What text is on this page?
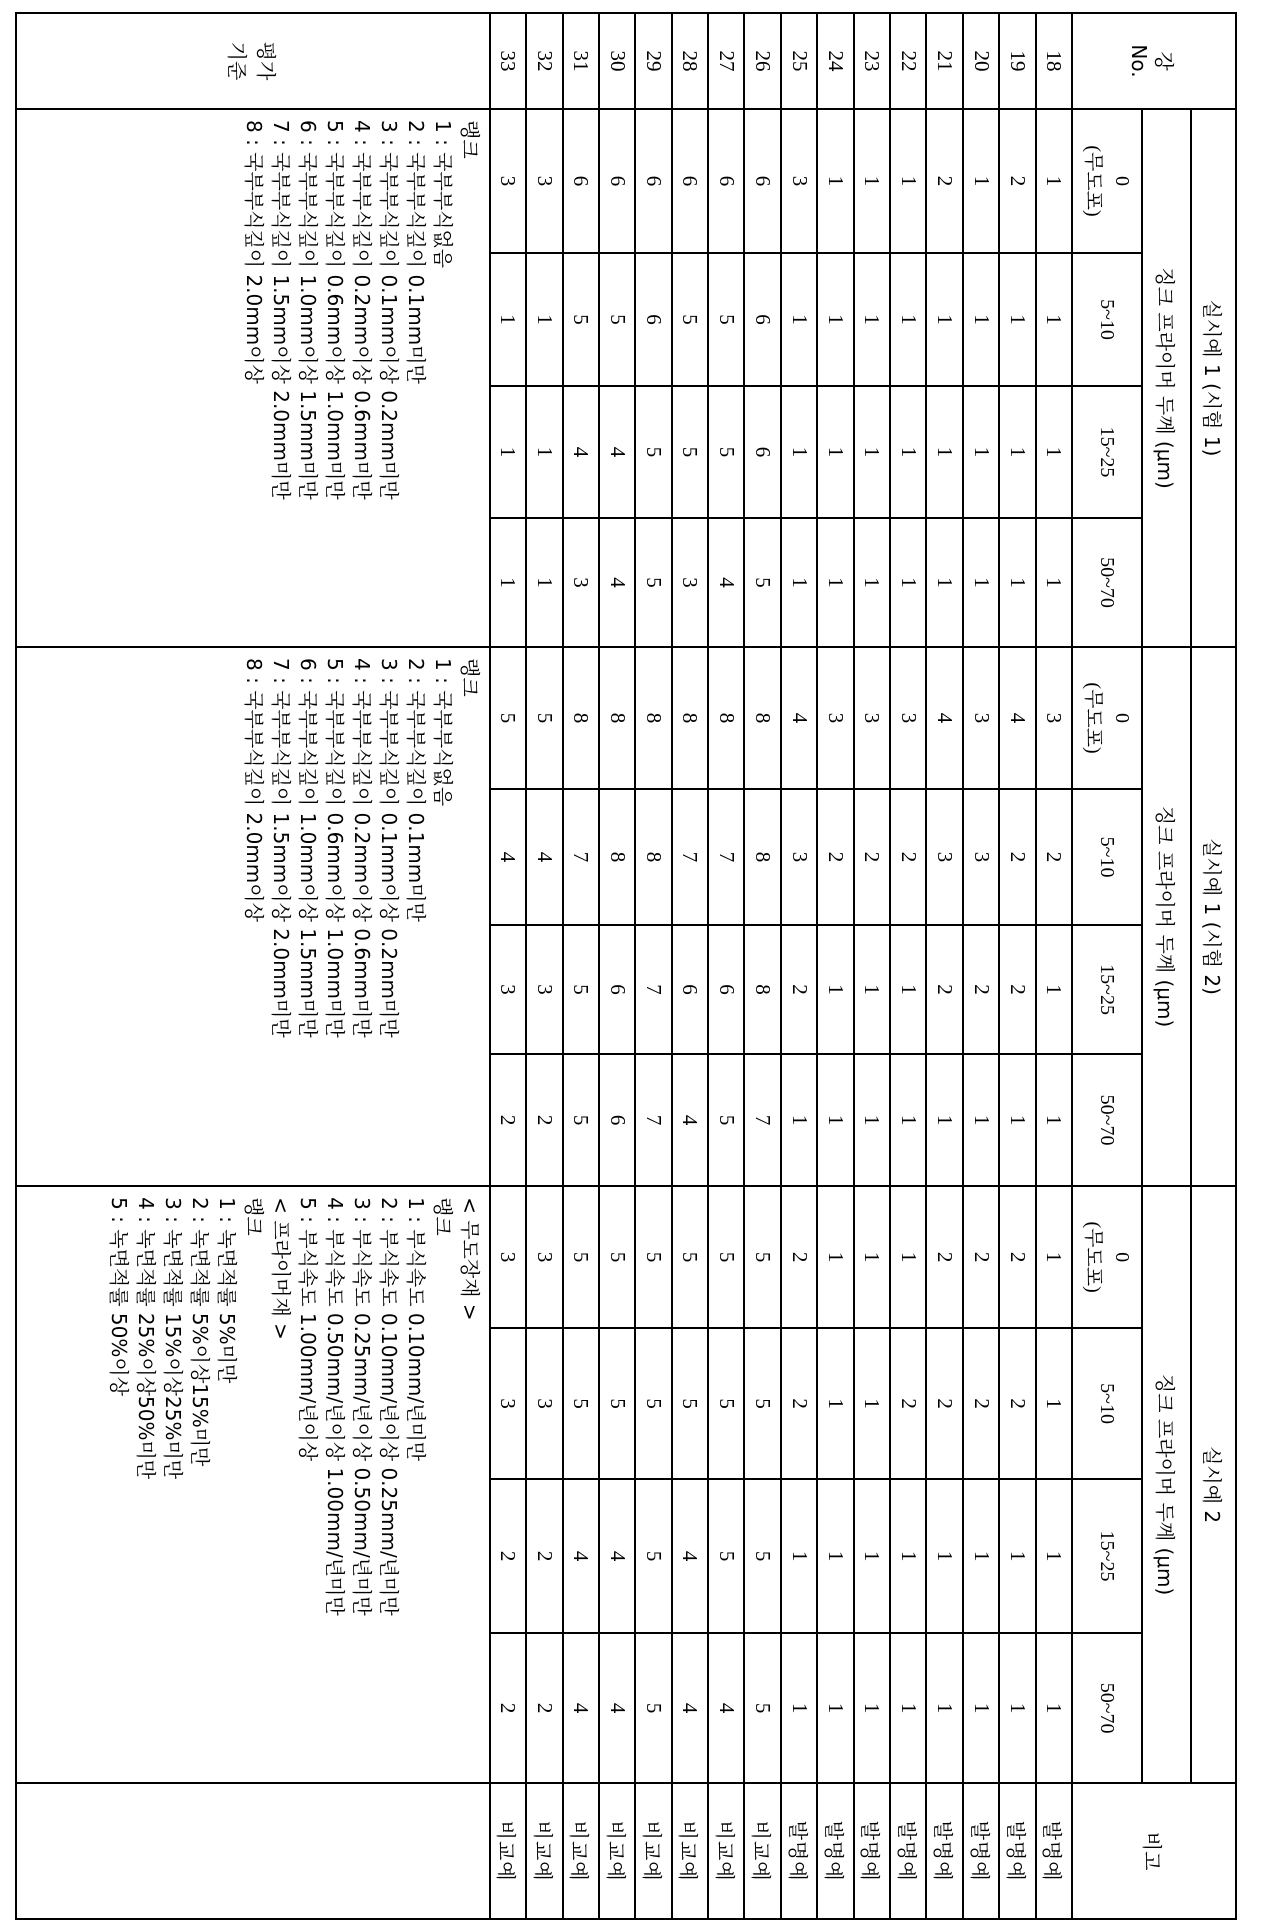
강
No.
	실시예 1 (시험 1)	실시예 1 (시험 2)	실시예 2	비고
징크 프라이머 두께 (μm)	징크 프라이머 두께 (μm)	징크 프라이머 두께 (μm)

0
(무도포)

5~10

15~25

50~70

0
(무도포)

5~10

15~25

50~70

0
(무도포)

5~10

15~25

50~70

18	1	1	1	1	3	2	1	1	1	1	1	1	발명예
19	2	1	1	1	4	2	2	1	2	2	1	1	발명예
20	1	1	1	1	3	3	2	1	2	2	1	1	발명예
21	2	1	1	1	4	3	2	1	2	2	1	1	발명예
22	1	1	1	1	3	2	1	1	1	2	1	1	발명예
23	1	1	1	1	3	2	1	1	1	1	1	1	발명예
24	1	1	1	1	3	2	1	1	1	1	1	1	발명예
25	3	1	1	1	4	3	2	1	2	2	1	1	발명예
26	6	6	6	5	8	8	8	7	5	5	5	5	비교예
27	6	5	5	4	8	7	6	5	5	5	5	4	비교예
28	6	5	5	3	8	7	6	4	5	5	4	4	비교예
29	6	6	5	5	8	8	7	7	5	5	5	5	비교예
30	6	5	4	4	8	8	6	6	5	5	4	4	비교예
31	6	5	4	3	8	7	5	5	5	5	4	4	비교예
32	3	1	1	1	5	4	3	2	3	3	2	2	비교예
33	3	1	1	1	5	4	3	2	3	3	2	2	비교예

평가
기준

랭크
1 : 국부부식없음
2 : 국부부식깊이 0.1mm미만
3 : 국부부식깊이 0.1mm이상 0.2mm미만
4 : 국부부식깊이 0.2mm이상 0.6mm미만
5 : 국부부식깊이 0.6mm이상 1.0mm미만
6 : 국부부식깊이 1.0mm이상 1.5mm미만
7 : 국부부식깊이 1.5mm이상 2.0mm미만
8 : 국부부식깊이 2.0mm이상

랭크
1 : 국부부식없음
2 : 국부부식깊이 0.1mm미만
3 : 국부부식깊이 0.1mm이상 0.2mm미만
4 : 국부부식깊이 0.2mm이상 0.6mm미만
5 : 국부부식깊이 0.6mm이상 1.0mm미만
6 : 국부부식깊이 1.0mm이상 1.5mm미만
7 : 국부부식깊이 1.5mm이상 2.0mm미만
8 : 국부부식깊이 2.0mm이상

< 무도장재 >
랭크
1 : 부식속도 0.10mm/년미만
2 : 부식속도 0.10mm/년이상 0.25mm/년미만
3 : 부식속도 0.25mm/년이상 0.50mm/년미만
4 : 부식속도 0.50mm/년이상 1.00mm/년미만
5 : 부식속도 1.00mm/년이상
< 프라이머재 >
랭크
1 : 녹면적률 5%미만
2 : 녹면적률 5%이상15%미만
3 : 녹면적률 15%이상25%미만
4 : 녹면적률 25%이상50%미만
5 : 녹면적률 50%이상
